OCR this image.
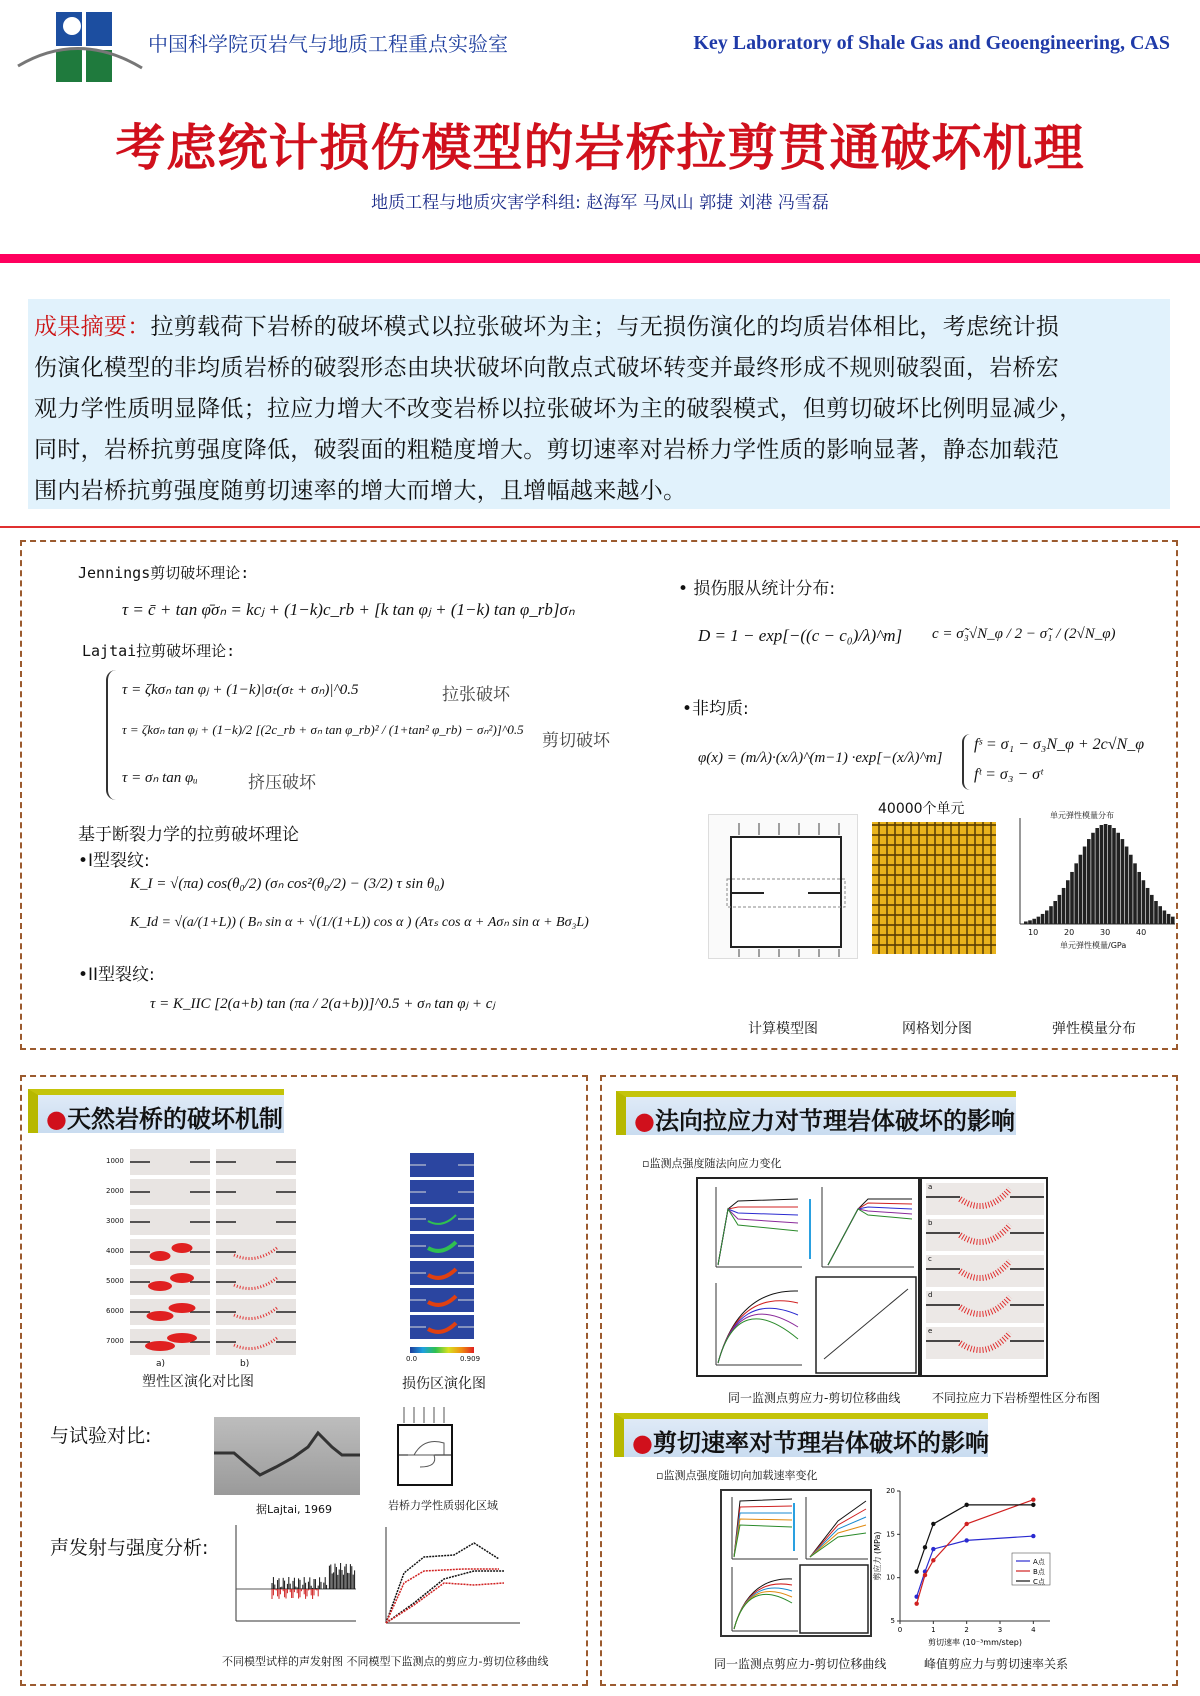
中国科学院页岩气与地质工程重点实验室	Key Laboratory of Shale Gas and Geoengineering, CAS
考虑统计损伤模型的岩桥拉剪贯通破坏机理
地质工程与地质灾害学科组: 赵海军 马凤山 郭捷 刘港 冯雪磊
成果摘要：拉剪载荷下岩桥的破坏模式以拉张破坏为主；与无损伤演化的均质岩体相比，考虑统计损
伤演化模型的非均质岩桥的破裂形态由块状破坏向散点式破坏转变并最终形成不规则破裂面，岩桥宏
观力学性质明显降低；拉应力增大不改变岩桥以拉张破坏为主的破裂模式，但剪切破坏比例明显减少，
同时，岩桥抗剪强度降低，破裂面的粗糙度增大。剪切速率对岩桥力学性质的影响显著，静态加载范
围内岩桥抗剪强度随剪切速率的增大而增大，且增幅越来越小。
Jennings剪切破坏理论:
τ = c̄ + tan φ̄σₙ = kcⱼ + (1−k)c_rb + [k tan φⱼ + (1−k) tan φ_rb]σₙ
Lajtai拉剪破坏理论:
τ = ζkσₙ tan φⱼ + (1−k)|σₜ(σₜ + σₙ)|^0.5	拉张破坏
τ = ζkσₙ tan φⱼ + (1−k)/2 [(2c_rb + σₙ tan φ_rb)² / (1+tan² φ_rb) − σₙ²)]^0.5
剪切破坏
τ = σₙ tan φᵤ	挤压破坏
基于断裂力学的拉剪破坏理论
•I型裂纹:
K_I = √(πa) cos(θ₀/2) (σₙ cos²(θ₀/2) − (3/2) τ sin θ₀)
K_Id = √(a/(1+L)) ( Bₙ sin α + √(1/(1+L)) cos α ) (Aτₛ cos α + Aσₙ sin α + Bσ₃L)
•II型裂纹:
τ = K_IIC [2(a+b) tan (πa / 2(a+b))]^0.5 + σₙ tan φⱼ + cⱼ
• 损伤服从统计分布:
D = 1 − exp[−((c − c₀)/λ)^m] c = σ̃₃√N_φ / 2 − σ̃₁ / (2√N_φ)
•非均质:
φ(x) = (m/λ)·(x/λ)^(m−1) ·exp[−(x/λ)^m]
fˢ = σ₁ − σ₃N_φ + 2c√N_φ
fᵗ = σ₃ − σᵗ
40000个单元	单元弹性模量分布
10	20	30	40
单元弹性模量/GPa
计算模型图	网格划分图	弹性模量分布
●天然岩桥的破坏机制
1000
2000
3000
4000
5000
6000
7000
a)	b)
塑性区演化对比图
0.0	0.909
损伤区演化图
与试验对比:
据Lajtai, 1969	岩桥力学性质弱化区域
声发射与强度分析:
不同模型试样的声发射图 不同模型下监测点的剪应力-剪切位移曲线
●法向拉应力对节理岩体破坏的影响
▫监测点强度随法向应力变化
a
b
c
d
e
同一监测点剪应力-剪切位移曲线	不同拉应力下岩桥塑性区分布图
●剪切速率对节理岩体破坏的影响
▫监测点强度随切向加载速率变化
0	1	2	3	4
5
10
15
20
剪切速率 (10⁻³mm/step)
剪应力 (MPa)	A点
B点
C点
同一监测点剪应力-剪切位移曲线	峰值剪应力与剪切速率关系
